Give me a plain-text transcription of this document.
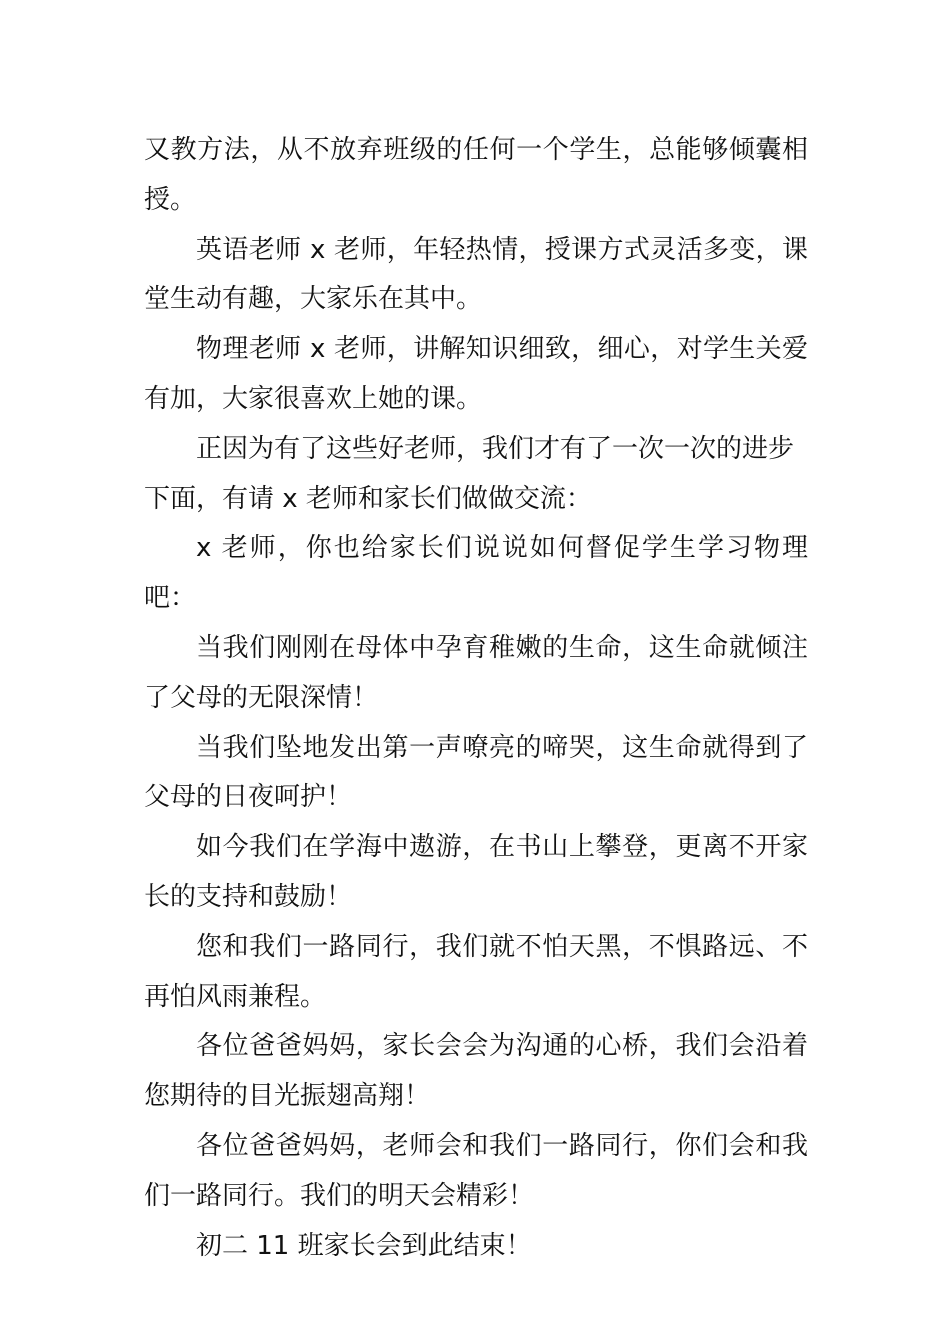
又教方法，从不放弃班级的任何一个学生，总能够倾囊相授。

英语老师 x 老师，年轻热情，授课方式灵活多变，课堂生动有趣，大家乐在其中。

物理老师 x 老师，讲解知识细致，细心，对学生关爱有加，大家很喜欢上她的课。

正因为有了这些好老师，我们才有了一次一次的进步

下面，有请 x 老师和家长们做做交流：

x 老师，你也给家长们说说如何督促学生学习物理吧：

当我们刚刚在母体中孕育稚嫩的生命，这生命就倾注了父母的无限深情！

当我们坠地发出第一声嘹亮的啼哭，这生命就得到了父母的日夜呵护！

如今我们在学海中遨游，在书山上攀登，更离不开家长的支持和鼓励！

您和我们一路同行，我们就不怕天黑，不惧路远、不再怕风雨兼程。

各位爸爸妈妈，家长会会为沟通的心桥，我们会沿着您期待的目光振翅高翔！

各位爸爸妈妈，老师会和我们一路同行，你们会和我们一路同行。我们的明天会精彩！

初二 11 班家长会到此结束！
